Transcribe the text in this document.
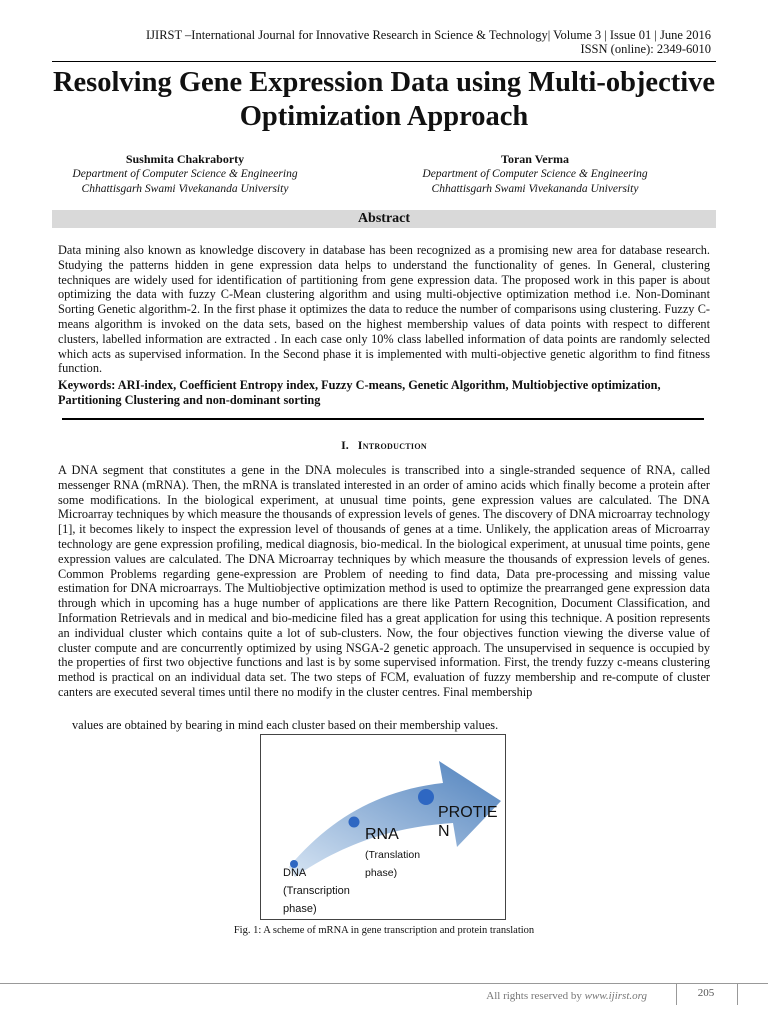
IJIRST –International Journal for Innovative Research in Science & Technology| Volume 3 | Issue 01 | June 2016
ISSN (online): 2349-6010
Resolving Gene Expression Data using Multi-objective Optimization Approach
Sushmita Chakraborty
Department of Computer Science & Engineering
Chhattisgarh Swami Vivekananda University
Toran Verma
Department of Computer Science & Engineering
Chhattisgarh Swami Vivekananda University
Abstract
Data mining also known as knowledge discovery in database has been recognized as a promising new area for database research. Studying the patterns hidden in gene expression data helps to understand the functionality of genes. In General, clustering techniques are widely used for identification of partitioning from gene expression data. The proposed work in this paper is about optimizing the data with fuzzy C-Mean clustering algorithm and using multi-objective optimization method i.e. Non-Dominant Sorting Genetic algorithm-2. In the first phase it optimizes the data to reduce the number of comparisons using clustering. Fuzzy C-means algorithm is invoked on the data sets, based on the highest membership values of data points with respect to different clusters, labelled information are extracted . In each case only 10% class labelled information of data points are randomly selected which acts as supervised information. In the Second phase it is implemented with multi-objective genetic algorithm to find fitness function.
Keywords: ARI-index, Coefficient Entropy index, Fuzzy C-means, Genetic Algorithm, Multiobjective optimization, Partitioning Clustering and non-dominant sorting
I. Introduction
A DNA segment that constitutes a gene in the DNA molecules is transcribed into a single-stranded sequence of RNA, called messenger RNA (mRNA). Then, the mRNA is translated interested in an order of amino acids which finally become a protein after some modifications. In the biological experiment, at unusual time points, gene expression values are calculated. The DNA Microarray techniques by which measure the thousands of expression levels of genes. The discovery of DNA microarray technology [1], it becomes likely to inspect the expression level of thousands of genes at a time. Unlikely, the application areas of Microarray technology are gene expression profiling, medical diagnosis, bio-medical. In the biological experiment, at unusual time points, gene expression values are calculated. The DNA Microarray techniques by which measure the thousands of expression levels of genes. Common Problems regarding gene-expression are Problem of needing to find data, Data pre-processing and missing value estimation for DNA microarrays. The Multiobjective optimization method is used to optimize the prearranged gene expression data through which in upcoming has a huge number of applications are there like Pattern Recognition, Document Classification, and Information Retrievals and in medical and bio-medicine filed has a great application for using this technique. A position represents an individual cluster which contains quite a lot of sub-clusters. Now, the four objectives function viewing the diverse value of cluster compute and are concurrently optimized by using NSGA-2 genetic approach. The unsupervised in sequence is occupied by the properties of first two objective functions and last is by some supervised information. First, the trendy fuzzy c-means clustering method is practical on an individual data set. The two steps of FCM, evaluation of fuzzy membership and re-compute of cluster canters are executed several times until there no modify in the cluster centres. Final membership
values are obtained by bearing in mind each cluster based on their membership values.
DNA
(Transcription
phase)
RNA
(Translation
phase)
PROTIE
N
Fig. 1: A scheme of mRNA in gene transcription and protein translation
All rights reserved by www.ijirst.org	205
